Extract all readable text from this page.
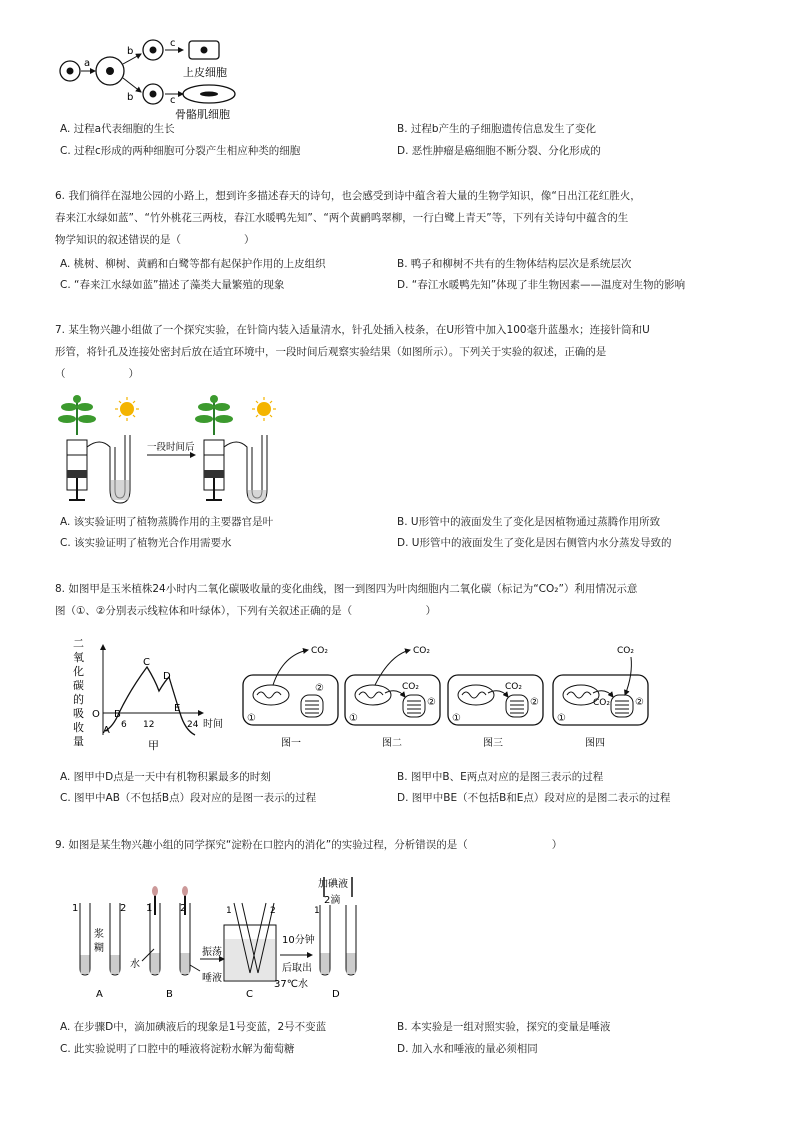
a
b
b
c
c
上皮细胞
骨骼肌细胞
A. 过程a代表细胞的生长	B. 过程b产生的子细胞遗传信息发生了变化
C. 过程c形成的两种细胞可分裂产生相应种类的细胞	D. 恶性肿瘤是癌细胞不断分裂、分化形成的
6. 我们徜徉在湿地公园的小路上，想到许多描述春天的诗句，也会感受到诗中蕴含着大量的生物学知识，像“日出江花红胜火，
春来江水绿如蓝”、“竹外桃花三两枝，春江水暖鸭先知”、“两个黄鹂鸣翠柳，一行白鹭上青天”等，下列有关诗句中蕴含的生
物学知识的叙述错误的是（　　　　　　）
A. 桃树、柳树、黄鹂和白鹭等都有起保护作用的上皮组织	B. 鸭子和柳树不共有的生物体结构层次是系统层次
C. “春来江水绿如蓝”描述了藻类大量繁殖的现象	D. “春江水暖鸭先知”体现了非生物因素——温度对生物的影响
7. 某生物兴趣小组做了一个探究实验，在针筒内装入适量清水，针孔处插入枝条，在U形管中加入100毫升蓝墨水；连接针筒和U
形管，将针孔及连接处密封后放在适宜环境中，一段时间后观察实验结果（如图所示）。下列关于实验的叙述，正确的是
（　　　　　　）
一段时间后
A. 该实验证明了植物蒸腾作用的主要器官是叶	B. U形管中的液面发生了变化是因植物通过蒸腾作用所致
C. 该实验证明了植物光合作用需要水	D. U形管中的液面发生了变化是因右侧管内水分蒸发导致的
8. 如图甲是玉米植株24小时内二氧化碳吸收量的变化曲线，图一到图四为叶肉细胞内二氧化碳（标记为“CO₂”）利用情况示意
图（①、②分别表示线粒体和叶绿体），下列有关叙述正确的是（　　　　　　　）
二
氧
化
碳
的
吸
收
量
O
A
B
C
D
E
6 12	24 时间
甲
CO₂
①
②
图一
CO₂
CO₂
①
②
图二
CO₂
①
②
图三
CO₂
CO₂
①
②
图四
A. 图甲中D点是一天中有机物积累最多的时刻	B. 图甲中B、E两点对应的是图三表示的过程
C. 图甲中AB（不包括B点）段对应的是图一表示的过程	D. 图甲中BE（不包括B和E点）段对应的是图二表示的过程
9. 如图是某生物兴趣小组的同学探究“淀粉在口腔内的消化”的实验过程，分析错误的是（　　　　　　　　）
1	2
浆
糊
A
1	2
水
B
振荡
唾液
1	2
C
10分钟
后取出
37℃水
加碘液
2滴
1
D
A. 在步骤D中，滴加碘液后的现象是1号变蓝，2号不变蓝	B. 本实验是一组对照实验，探究的变量是唾液
C. 此实验说明了口腔中的唾液将淀粉水解为葡萄糖	D. 加入水和唾液的量必须相同
